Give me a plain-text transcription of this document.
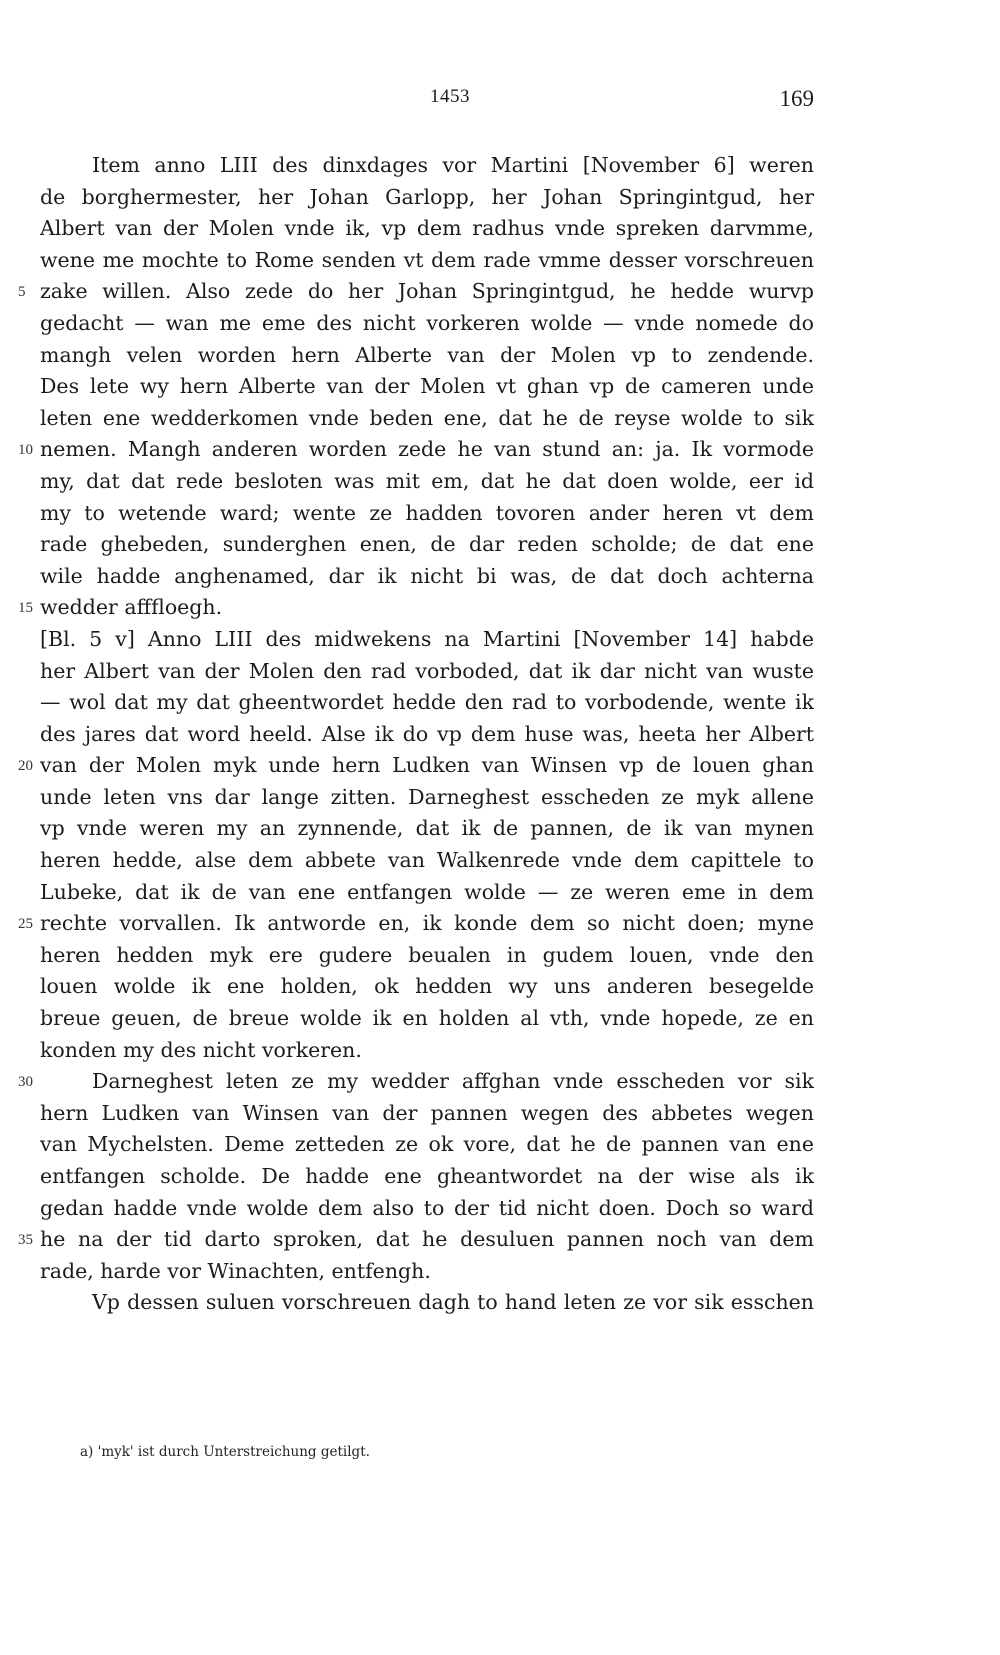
1453	169
Item anno LIII des dinxdages vor Martini [November 6] weren
de borghermester, her Johan Garlopp, her Johan Springintgud, her
Albert van der Molen vnde ik, vp dem radhus vnde spreken darvmme,
wene me mochte to Rome senden vt dem rade vmme desser vorschreuen
5 zake willen. Also zede do her Johan Springintgud, he hedde wurvp
gedacht — wan me eme des nicht vorkeren wolde — vnde nomede do
mangh velen worden hern Alberte van der Molen vp to zendende.
Des lete wy hern Alberte van der Molen vt ghan vp de cameren unde
leten ene wedderkomen vnde beden ene, dat he de reyse wolde to sik
10 nemen. Mangh anderen worden zede he van stund an: ja. Ik vormode
my, dat dat rede besloten was mit em, dat he dat doen wolde, eer id
my to wetende ward; wente ze hadden tovoren ander heren vt dem
rade ghebeden, sunderghen enen, de dar reden scholde; de dat ene
wile hadde anghenamed, dar ik nicht bi was, de dat doch achterna
15 wedder afffloegh.
[Bl. 5 v] Anno LIII des midwekens na Martini [November 14] habde
her Albert van der Molen den rad vorboded, dat ik dar nicht van wuste
— wol dat my dat gheentwordet hedde den rad to vorbodende, wente ik
des jares dat word heeld. Alse ik do vp dem huse was, heeta her Albert
20 van der Molen myk unde hern Ludken van Winsen vp de louen ghan
unde leten vns dar lange zitten. Darneghest esscheden ze myk allene
vp vnde weren my an zynnende, dat ik de pannen, de ik van mynen
heren hedde, alse dem abbete van Walkenrede vnde dem capittele to
Lubeke, dat ik de van ene entfangen wolde — ze weren eme in dem
25 rechte vorvallen. Ik antworde en, ik konde dem so nicht doen; myne
heren hedden myk ere gudere beualen in gudem louen, vnde den
louen wolde ik ene holden, ok hedden wy uns anderen besegelde
breue geuen, de breue wolde ik en holden al vth, vnde hopede, ze en
konden my des nicht vorkeren.
30	Darneghest leten ze my wedder affghan vnde esscheden vor sik
hern Ludken van Winsen van der pannen wegen des abbetes wegen
van Mychelsten. Deme zetteden ze ok vore, dat he de pannen van ene
entfangen scholde. De hadde ene gheantwordet na der wise als ik
gedan hadde vnde wolde dem also to der tid nicht doen. Doch so ward
35 he na der tid darto sproken, dat he desuluen pannen noch van dem
rade, harde vor Winachten, entfengh.
Vp dessen suluen vorschreuen dagh to hand leten ze vor sik esschen
a) 'myk' ist durch Unterstreichung getilgt.
